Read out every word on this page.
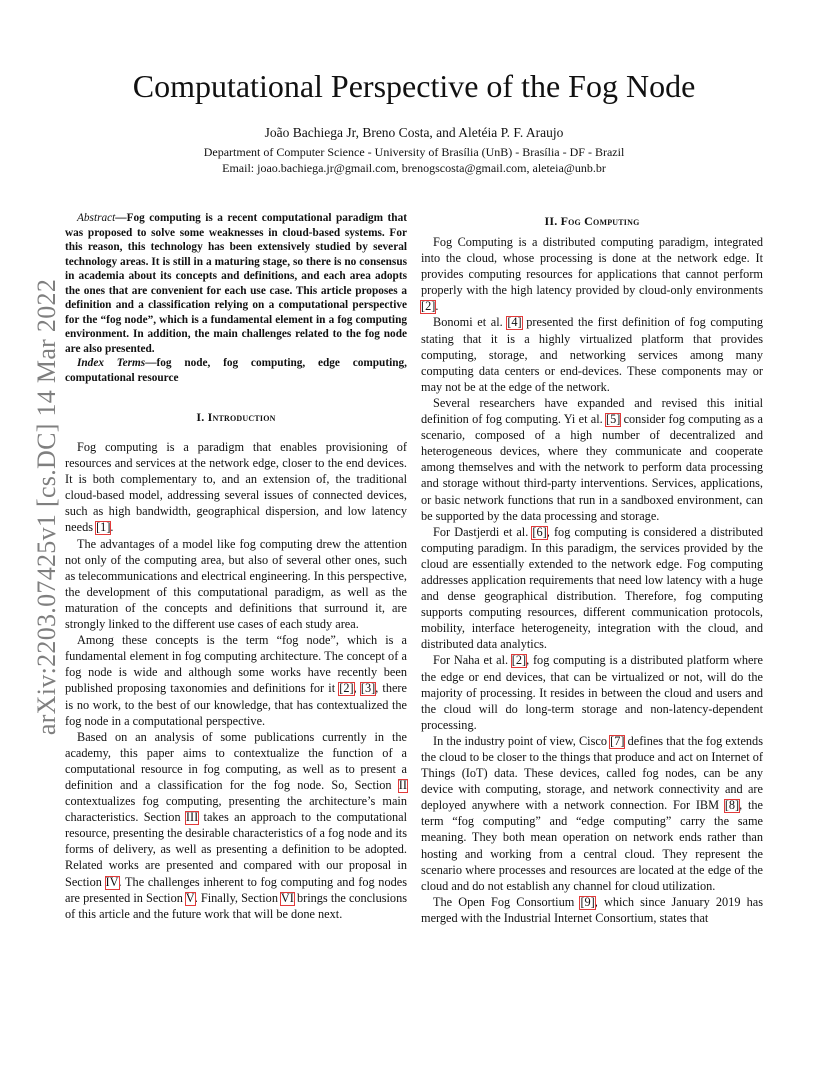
Computational Perspective of the Fog Node
João Bachiega Jr, Breno Costa, and Aletéia P. F. Araujo
Department of Computer Science - University of Brasília (UnB) - Brasília - DF - Brazil
Email: joao.bachiega.jr@gmail.com, brenogscosta@gmail.com, aleteia@unb.br
arXiv:2203.07425v1 [cs.DC] 14 Mar 2022

Abstract—Fog computing is a recent computational paradigm that was proposed to solve some weaknesses in cloud-based systems. For this reason, this technology has been extensively studied by several technology areas. It is still in a maturing stage, so there is no consensus in academia about its concepts and definitions, and each area adopts the ones that are convenient for each use case. This article proposes a definition and a classification relying on a computational perspective for the “fog node”, which is a fundamental element in a fog computing environment. In addition, the main challenges related to the fog node are also presented.

Index Terms—fog node, fog computing, edge computing, computational resource

I. Introduction

Fog computing is a paradigm that enables provisioning of resources and services at the network edge, closer to the end devices. It is both complementary to, and an extension of, the traditional cloud-based model, addressing several issues of connected devices, such as high bandwidth, geographical dispersion, and low latency needs [1].

The advantages of a model like fog computing drew the attention not only of the computing area, but also of several other ones, such as telecommunications and electrical engineering. In this perspective, the development of this computational paradigm, as well as the maturation of the concepts and definitions that surround it, are strongly linked to the different use cases of each study area.

Among these concepts is the term “fog node”, which is a fundamental element in fog computing architecture. The concept of a fog node is wide and although some works have recently been published proposing taxonomies and definitions for it [2], [3], there is no work, to the best of our knowledge, that has contextualized the fog node in a computational perspective.

Based on an analysis of some publications currently in the academy, this paper aims to contextualize the function of a computational resource in fog computing, as well as to present a definition and a classification for the fog node. So, Section II contextualizes fog computing, presenting the architecture’s main characteristics. Section III takes an approach to the computational resource, presenting the desirable characteristics of a fog node and its forms of delivery, as well as presenting a definition to be adopted. Related works are presented and compared with our proposal in Section IV. The challenges inherent to fog computing and fog nodes are presented in Section V. Finally, Section VI brings the conclusions of this article and the future work that will be done next.

II. Fog Computing

Fog Computing is a distributed computing paradigm, integrated into the cloud, whose processing is done at the network edge. It provides computing resources for applications that cannot perform properly with the high latency provided by cloud-only environments [2].

Bonomi et al. [4] presented the first definition of fog computing stating that it is a highly virtualized platform that provides computing, storage, and networking services among many computing data centers or end-devices. These components may or may not be at the edge of the network.

Several researchers have expanded and revised this initial definition of fog computing. Yi et al. [5] consider fog computing as a scenario, composed of a high number of decentralized and heterogeneous devices, where they communicate and cooperate among themselves and with the network to perform data processing and storage without third-party interventions. Services, applications, or basic network functions that run in a sandboxed environment, can be supported by the data processing and storage.

For Dastjerdi et al. [6], fog computing is considered a distributed computing paradigm. In this paradigm, the services provided by the cloud are essentially extended to the network edge. Fog computing addresses application requirements that need low latency with a huge and dense geographical distribution. Therefore, fog computing supports computing resources, different communication protocols, mobility, interface heterogeneity, integration with the cloud, and distributed data analytics.

For Naha et al. [2], fog computing is a distributed platform where the edge or end devices, that can be virtualized or not, will do the majority of processing. It resides in between the cloud and users and the cloud will do long-term storage and non-latency-dependent processing.

In the industry point of view, Cisco [7] defines that the fog extends the cloud to be closer to the things that produce and act on Internet of Things (IoT) data. These devices, called fog nodes, can be any device with computing, storage, and network connectivity and are deployed anywhere with a network connection. For IBM [8], the term “fog computing” and “edge computing” carry the same meaning. They both mean operation on network ends rather than hosting and working from a central cloud. They represent the scenario where processes and resources are located at the edge of the cloud and do not establish any channel for cloud utilization.

The Open Fog Consortium [9], which since January 2019 has merged with the Industrial Internet Consortium, states that
